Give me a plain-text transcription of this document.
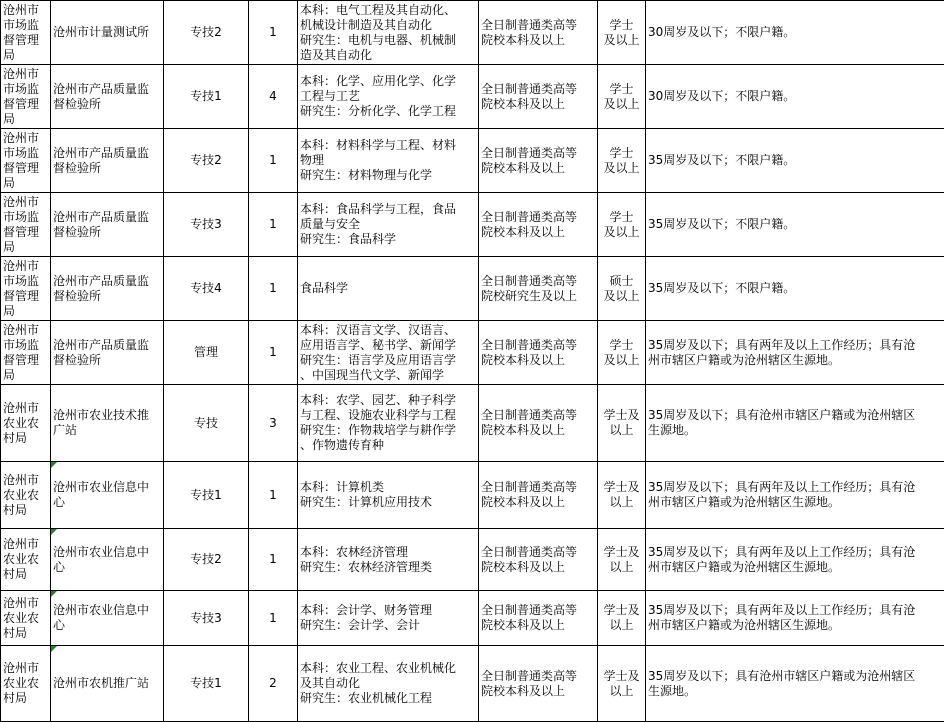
沧州市
市场监
督管理
局	沧州市计量测试所	专技2	1	本科：电气工程及其自动化、
机械设计制造及其自动化
研究生：电机与电器、机械制
造及其自动化	全日制普通类高等
院校本科及以上	学士
及以上	30周岁及以下；不限户籍。

沧州市
市场监
督管理
局	沧州市产品质量监
督检验所	专技1	4	本科：化学、应用化学、化学
工程与工艺
研究生：分析化学、化学工程	全日制普通类高等
院校本科及以上	学士
及以上	30周岁及以下；不限户籍。

沧州市
市场监
督管理
局	沧州市产品质量监
督检验所	专技2	1	本科：材料科学与工程、材料
物理
研究生：材料物理与化学	全日制普通类高等
院校本科及以上	学士
及以上	35周岁及以下；不限户籍。

沧州市
市场监
督管理
局	沧州市产品质量监
督检验所	专技3	1	本科：食品科学与工程，食品
质量与安全
研究生：食品科学	全日制普通类高等
院校本科及以上	学士
及以上	35周岁及以下；不限户籍。

沧州市
市场监
督管理
局	沧州市产品质量监
督检验所	专技4	1	食品科学	全日制普通类高等
院校研究生及以上	硕士
及以上	35周岁及以下；不限户籍。

沧州市
市场监
督管理
局	沧州市产品质量监
督检验所	管理	1	本科：汉语言文学、汉语言、
应用语言学、秘书学、新闻学
研究生：语言学及应用语言学
、中国现当代文学、新闻学	全日制普通类高等
院校本科及以上	学士
及以上	35周岁及以下；具有两年及以上工作经历；具有沧
州市辖区户籍或为沧州辖区生源地。

沧州市
农业农
村局	沧州市农业技术推
广站	专技	3	本科：农学、园艺、种子科学
与工程、设施农业科学与工程
研究生：作物栽培学与耕作学
、作物遗传育种	全日制普通类高等
院校本科及以上	学士及
以上	35周岁及以下；具有沧州市辖区户籍或为沧州辖区
生源地。

沧州市
农业农
村局	沧州市农业信息中
心	专技1	1	本科：计算机类
研究生：计算机应用技术	全日制普通类高等
院校本科及以上	学士及
以上	35周岁及以下；具有两年及以上工作经历；具有沧
州市辖区户籍或为沧州辖区生源地。

沧州市
农业农
村局	沧州市农业信息中
心	专技2	1	本科：农林经济管理
研究生：农林经济管理类	全日制普通类高等
院校本科及以上	学士及
以上	35周岁及以下；具有两年及以上工作经历；具有沧
州市辖区户籍或为沧州辖区生源地。

沧州市
农业农
村局	沧州市农业信息中
心	专技3	1	本科：会计学、财务管理
研究生：会计学、会计	全日制普通类高等
院校本科及以上	学士及
以上	35周岁及以下；具有两年及以上工作经历；具有沧
州市辖区户籍或为沧州辖区生源地。

沧州市
农业农
村局	沧州市农机推广站	专技1	2	本科：农业工程、农业机械化
及其自动化
研究生：农业机械化工程	全日制普通类高等
院校本科及以上	学士及
以上	35周岁及以下；具有沧州市辖区户籍或为沧州辖区
生源地。
